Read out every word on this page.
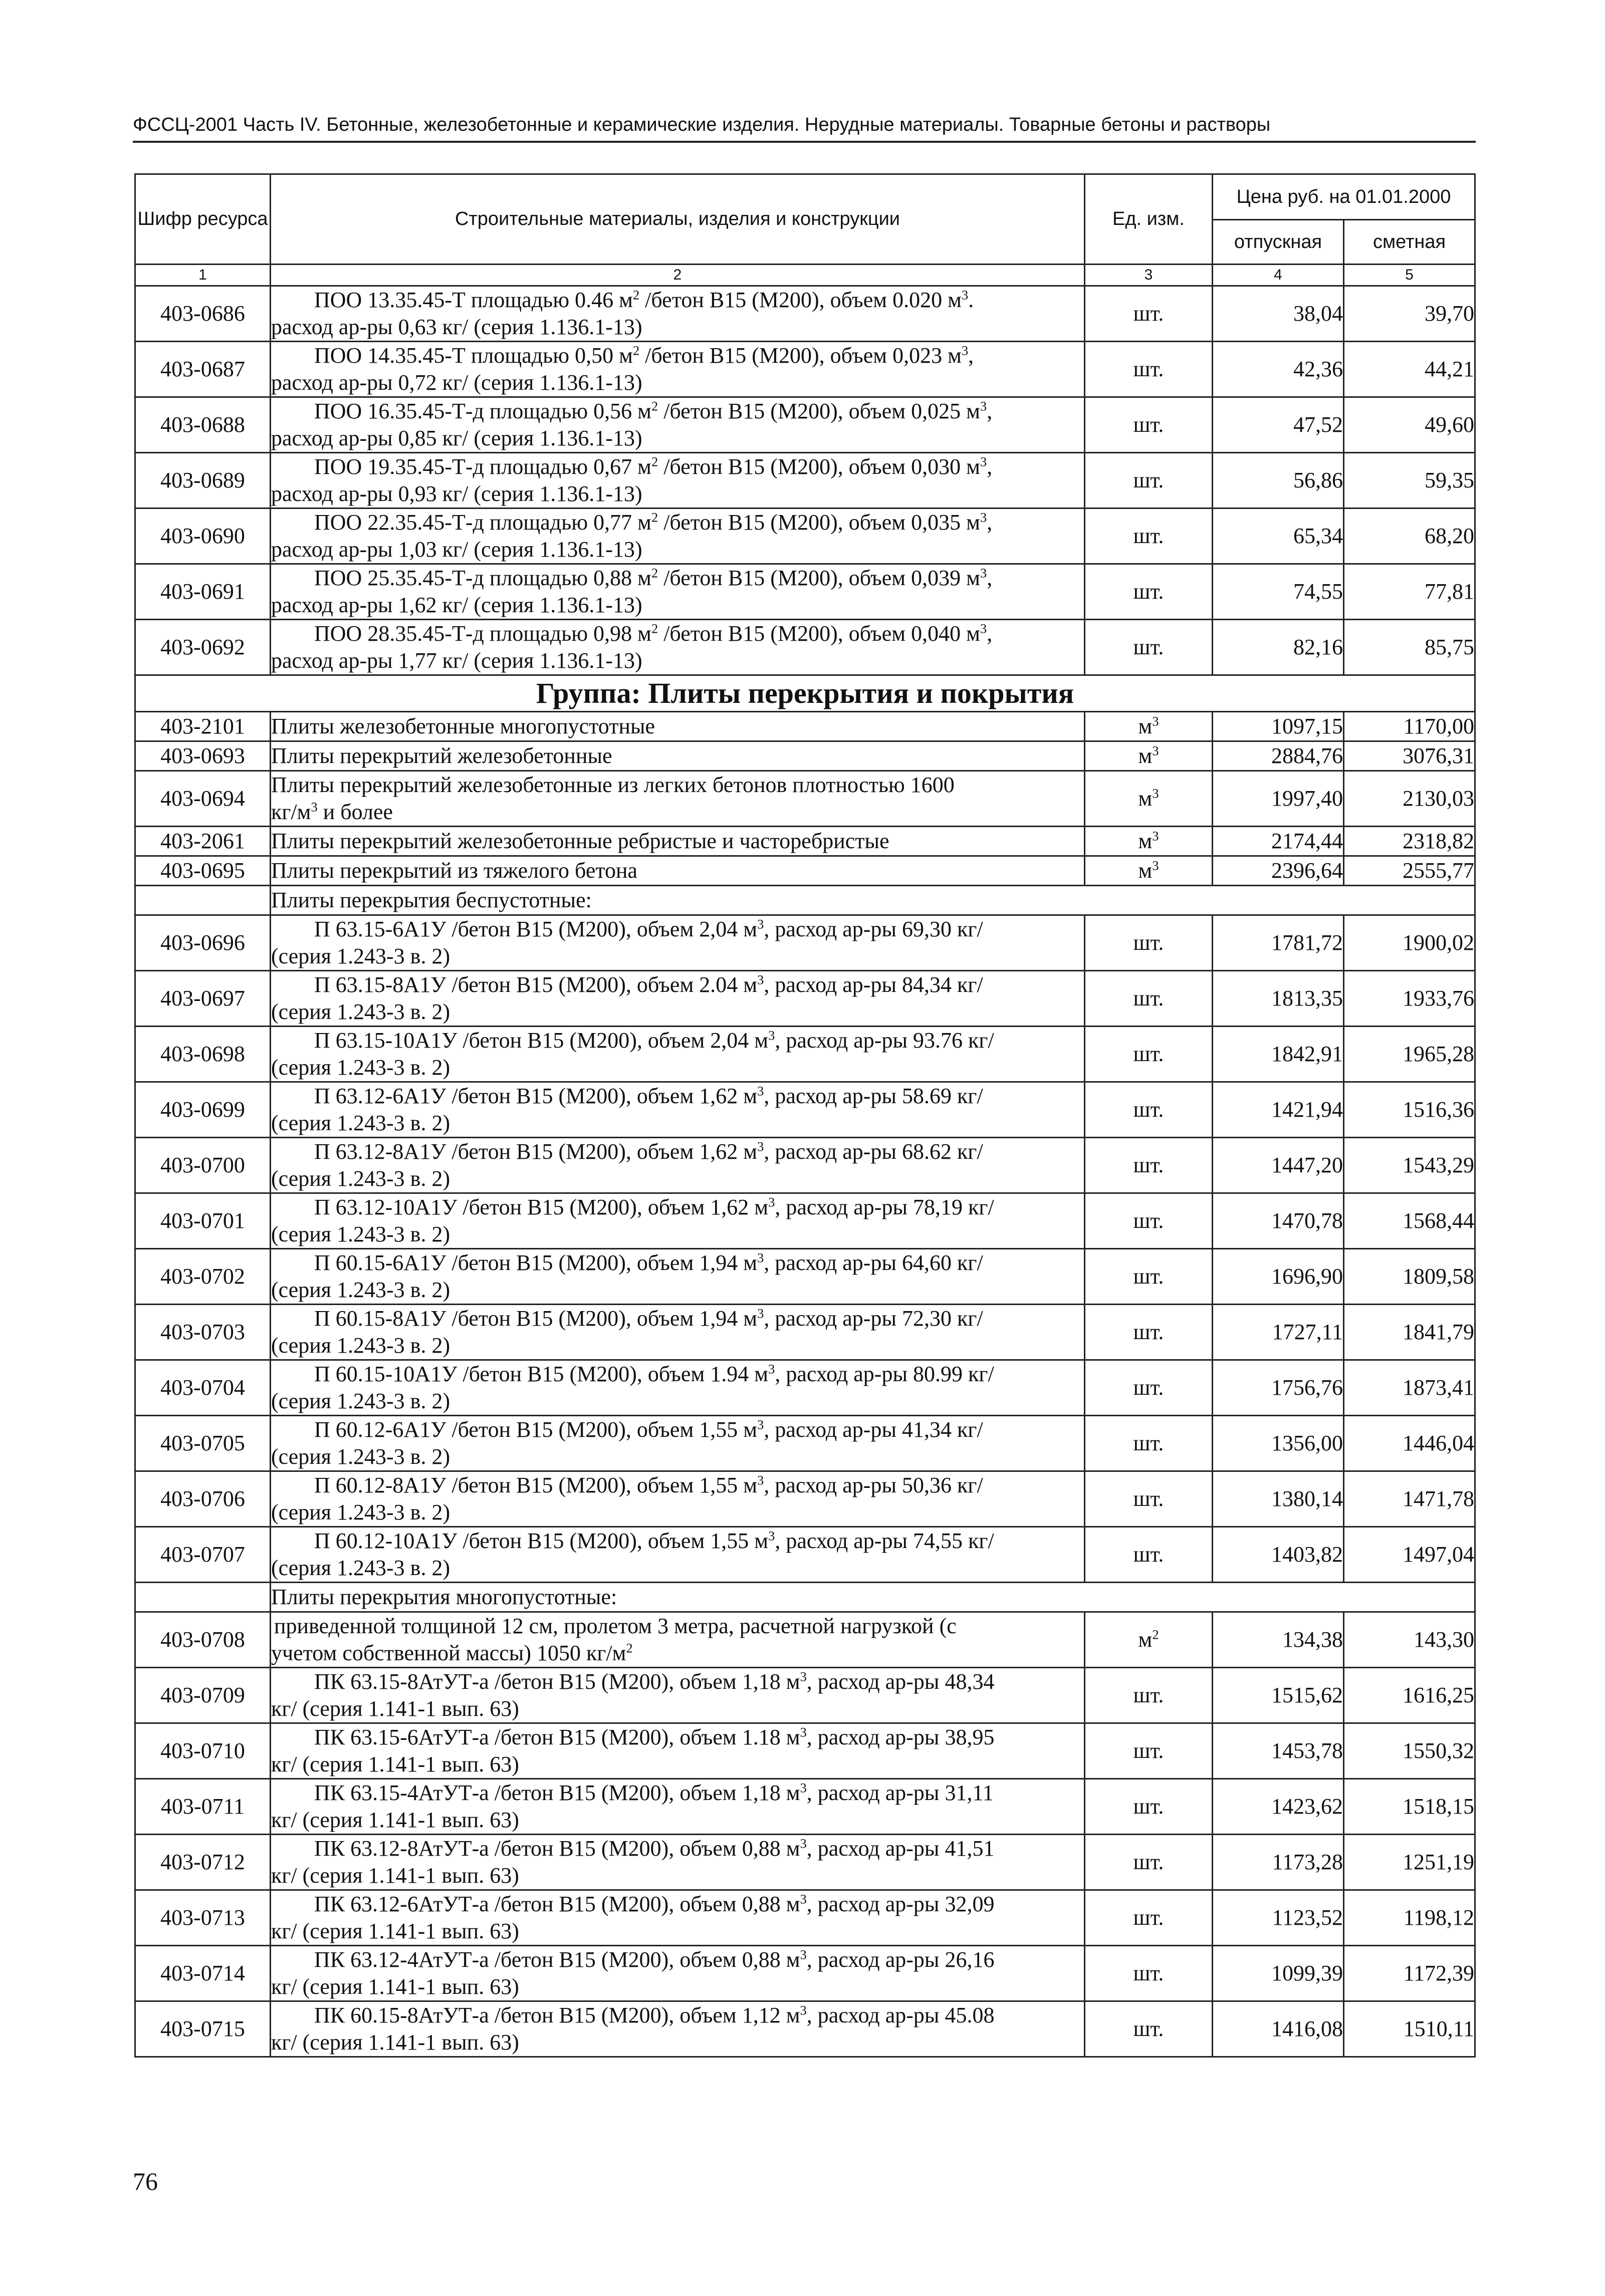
ФССЦ-2001 Часть IV. Бетонные, железобетонные и керамические изделия. Нерудные материалы. Товарные бетоны и растворы
Шифр ресурса	Строительные материалы, изделия и конструкции	Ед. изм.	Цена руб. на 01.01.2000	
			отпускная	сметная
1	2	3	4	5
403-0686	ПОО 13.35.45-Т площадью 0.46 $м^2$ /бетон В15 (М200), объем 0.020 $м^3$.
расход ар-ры 0,63 кг/ (серия 1.136.1-13)	шт.	38,04	39,70
403-0687	ПОО 14.35.45-Т площадью 0,50 $м^2$ /бетон В15 (М200), объем 0,023 $м^3$,
расход ар-ры 0,72 кг/ (серия 1.136.1-13)	шт.	42,36	44,21
403-0688	ПОО 16.35.45-Т-д площадью 0,56 $м^2$ /бетон В15 (М200), объем 0,025 $м^3$,
расход ар-ры 0,85 кг/ (серия 1.136.1-13)	шт.	47,52	49,60
403-0689	ПОО 19.35.45-Т-д площадью 0,67 $м^2$ /бетон В15 (М200), объем 0,030 $м^3$,
расход ар-ры 0,93 кг/ (серия 1.136.1-13)	шт.	56,86	59,35
403-0690	ПОО 22.35.45-Т-д площадью 0,77 $м^2$ /бетон В15 (М200), объем 0,035 $м^3$,
расход ар-ры 1,03 кг/ (серия 1.136.1-13)	шт.	65,34	68,20
403-0691	ПОО 25.35.45-Т-д площадью 0,88 $м^2$ /бетон В15 (М200), объем 0,039 $м^3$,
расход ар-ры 1,62 кг/ (серия 1.136.1-13)	шт.	74,55	77,81
403-0692	ПОО 28.35.45-Т-д площадью 0,98 $м^2$ /бетон В15 (М200), объем 0,040 $м^3$,
расход ар-ры 1,77 кг/ (серия 1.136.1-13)	шт.	82,16	85,75
Группа: Плиты перекрытия и покрытия				
403-2101	Плиты железобетонные многопустотные	$м^3$	1097,15	1170,00
403-0693	Плиты перекрытий железобетонные	$м^3$	2884,76	3076,31
403-0694	Плиты перекрытий железобетонные из легких бетонов плотностью 1600
$кг/м^3$ и более	$м^3$	1997,40	2130,03
403-2061	Плиты перекрытий железобетонные ребристые и часторебристые	$м^3$	2174,44	2318,82
403-0695	Плиты перекрытий из тяжелого бетона	$м^3$	2396,64	2555,77
	Плиты перекрытия беспустотные:			
403-0696	П 63.15-6А1У /бетон В15 (М200), объем 2,04 $м^3$, расход ар-ры 69,30 кг/
(серия 1.243-3 в. 2)	шт.	1781,72	1900,02
403-0697	П 63.15-8А1У /бетон В15 (М200), объем 2.04 $м^3$, расход ар-ры 84,34 кг/
(серия 1.243-3 в. 2)	шт.	1813,35	1933,76
403-0698	П 63.15-10А1У /бетон В15 (М200), объем 2,04 $м^3$, расход ар-ры 93.76 кг/
(серия 1.243-3 в. 2)	шт.	1842,91	1965,28
403-0699	П 63.12-6А1У /бетон В15 (М200), объем 1,62 $м^3$, расход ар-ры 58.69 кг/
(серия 1.243-3 в. 2)	шт.	1421,94	1516,36
403-0700	П 63.12-8А1У /бетон В15 (М200), объем 1,62 $м^3$, расход ар-ры 68.62 кг/
(серия 1.243-3 в. 2)	шт.	1447,20	1543,29
403-0701	П 63.12-10А1У /бетон В15 (М200), объем 1,62 $м^3$, расход ар-ры 78,19 кг/
(серия 1.243-3 в. 2)	шт.	1470,78	1568,44
403-0702	П 60.15-6А1У /бетон В15 (М200), объем 1,94 $м^3$, расход ар-ры 64,60 кг/
(серия 1.243-3 в. 2)	шт.	1696,90	1809,58
403-0703	П 60.15-8А1У /бетон В15 (М200), объем 1,94 $м^3$, расход ар-ры 72,30 кг/
(серия 1.243-3 в. 2)	шт.	1727,11	1841,79
403-0704	П 60.15-10А1У /бетон В15 (М200), объем 1.94 $м^3$, расход ар-ры 80.99 кг/
(серия 1.243-3 в. 2)	шт.	1756,76	1873,41
403-0705	П 60.12-6А1У /бетон В15 (М200), объем 1,55 $м^3$, расход ар-ры 41,34 кг/
(серия 1.243-3 в. 2)	шт.	1356,00	1446,04
403-0706	П 60.12-8А1У /бетон В15 (М200), объем 1,55 $м^3$, расход ар-ры 50,36 кг/
(серия 1.243-3 в. 2)	шт.	1380,14	1471,78
403-0707	П 60.12-10А1У /бетон В15 (М200), объем 1,55 $м^3$, расход ар-ры 74,55 кг/
(серия 1.243-3 в. 2)	шт.	1403,82	1497,04
	Плиты перекрытия многопустотные:			
403-0708	приведенной толщиной 12 см, пролетом 3 метра, расчетной нагрузкой (с
учетом собственной массы) 1050 $кг/м^2$	$м^2$	134,38	143,30
403-0709	ПК 63.15-8АтУТ-а /бетон В15 (М200), объем 1,18 $м^3$, расход ар-ры 48,34
кг/ (серия 1.141-1 вып. 63)	шт.	1515,62	1616,25
403-0710	ПК 63.15-6АтУТ-а /бетон В15 (М200), объем 1.18 $м^3$, расход ар-ры 38,95
кг/ (серия 1.141-1 вып. 63)	шт.	1453,78	1550,32
403-0711	ПК 63.15-4АтУТ-а /бетон В15 (М200), объем 1,18 $м^3$, расход ар-ры 31,11
кг/ (серия 1.141-1 вып. 63)	шт.	1423,62	1518,15
403-0712	ПК 63.12-8АтУТ-а /бетон В15 (М200), объем 0,88 $м^3$, расход ар-ры 41,51
кг/ (серия 1.141-1 вып. 63)	шт.	1173,28	1251,19
403-0713	ПК 63.12-6АтУТ-а /бетон В15 (М200), объем 0,88 $м^3$, расход ар-ры 32,09
кг/ (серия 1.141-1 вып. 63)	шт.	1123,52	1198,12
403-0714	ПК 63.12-4АтУТ-а /бетон В15 (М200), объем 0,88 $м^3$, расход ар-ры 26,16
кг/ (серия 1.141-1 вып. 63)	шт.	1099,39	1172,39
403-0715	ПК 60.15-8АтУТ-а /бетон В15 (М200), объем 1,12 $м^3$, расход ар-ры 45.08
кг/ (серия 1.141-1 вып. 63)	шт.	1416,08	1510,11
76
